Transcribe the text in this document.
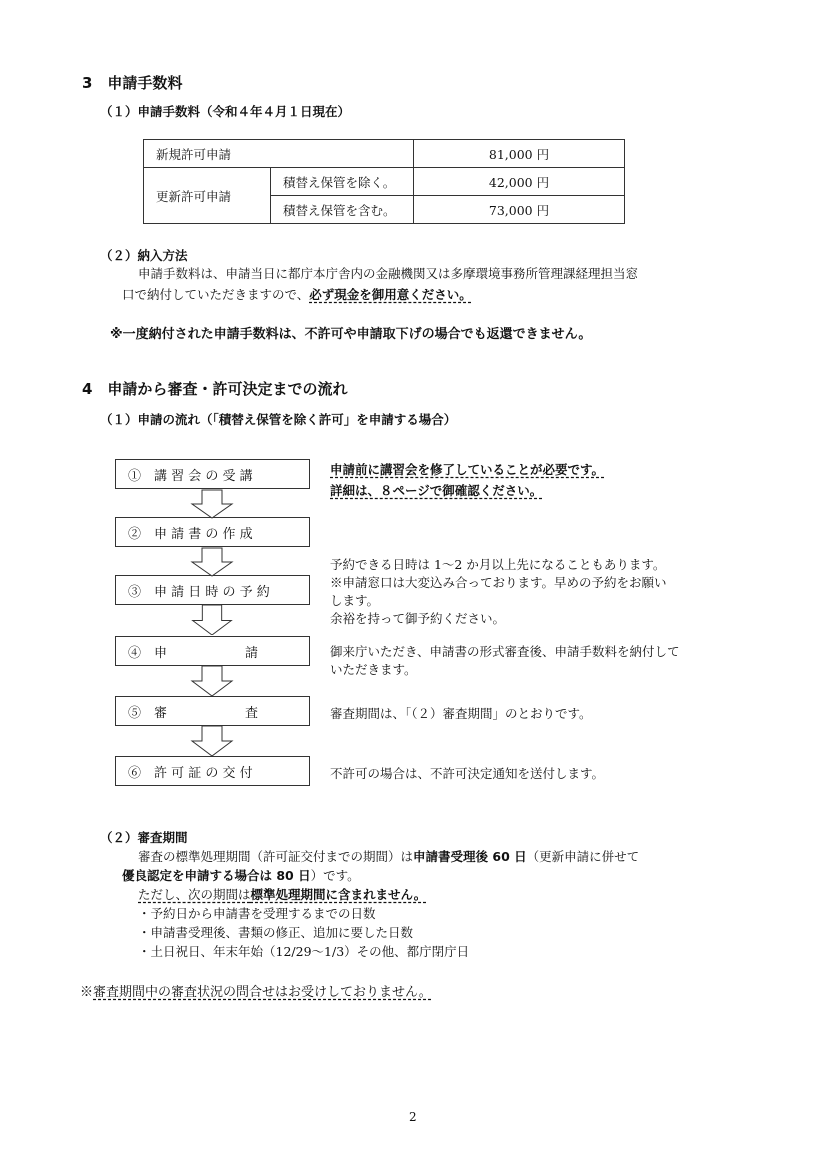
3　申請手数料
（１）申請手数料（令和４年４月１日現在）
新規許可申請		81,000 円
更新許可申請	積替え保管を除く。	42,000 円
	積替え保管を含む。	73,000 円
（２）納入方法
申請手数料は、申請当日に都庁本庁舎内の金融機関又は多摩環境事務所管理課経理担当窓
口で納付していただきますので、必ず現金を御用意ください。
※一度納付された申請手数料は、不許可や申請取下げの場合でも返還できません。
4　申請から審査・許可決定までの流れ
（１）申請の流れ（「積替え保管を除く許可」を申請する場合）
①　講 習 会 の 受 講
②　申 請 書 の 作 成
③　申 請 日 時 の 予 約
④　申　　　　　　請
⑤　審　　　　　　査
⑥　許 可 証 の 交 付
申請前に講習会を修了していることが必要です。
詳細は、８ページで御確認ください。
予約できる日時は 1～2 か月以上先になることもあります。
※申請窓口は大変込み合っております。早めの予約をお願い
します。
余裕を持って御予約ください。
御来庁いただき、申請書の形式審査後、申請手数料を納付して
いただきます。
審査期間は、「（２）審査期間」のとおりです。
不許可の場合は、不許可決定通知を送付します。
（２）審査期間
審査の標準処理期間（許可証交付までの期間）は申請書受理後 60 日（更新申請に併せて
優良認定を申請する場合は 80 日）です。
ただし、次の期間は標準処理期間に含まれません。
・予約日から申請書を受理するまでの日数
・申請書受理後、書類の修正、追加に要した日数
・土日祝日、年末年始（12/29～1/3）その他、都庁閉庁日
※審査期間中の審査状況の問合せはお受けしておりません。
2
